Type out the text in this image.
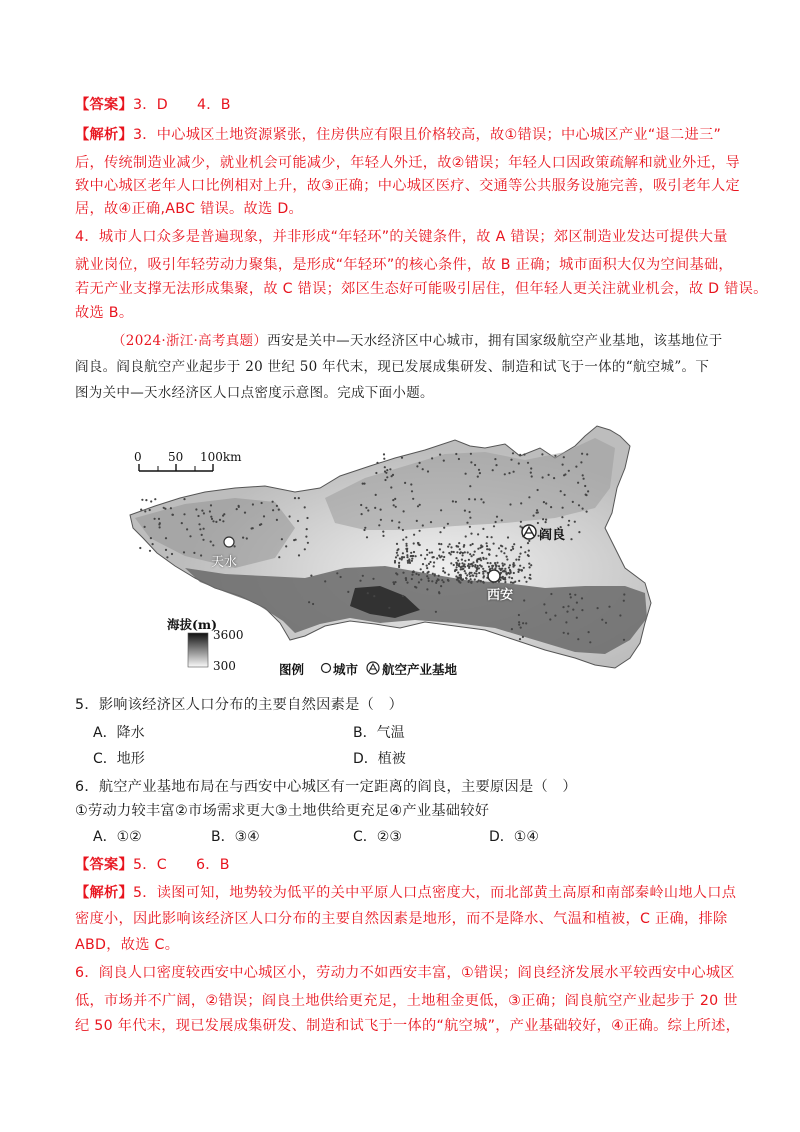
【答案】3．D　　4．B
【解析】3．中心城区土地资源紧张，住房供应有限且价格较高，故①错误；中心城区产业“退二进三”
后，传统制造业减少，就业机会可能减少，年轻人外迁，故②错误；年轻人口因政策疏解和就业外迁，导
致中心城区老年人口比例相对上升，故③正确；中心城区医疗、交通等公共服务设施完善，吸引老年人定
居，故④正确,ABC 错误。故选 D。
4．城市人口众多是普遍现象，并非形成“年轻环”的关键条件，故 A 错误；郊区制造业发达可提供大量
就业岗位，吸引年轻劳动力聚集，是形成“年轻环”的核心条件，故 B 正确；城市面积大仅为空间基础，
若无产业支撑无法形成集聚，故 C 错误；郊区生态好可能吸引居住，但年轻人更关注就业机会，故 D 错误。
故选 B。
（2024·浙江·高考真题）西安是关中—天水经济区中心城市，拥有国家级航空产业基地，该基地位于
阎良。阎良航空产业起步于 20 世纪 50 年代末，现已发展成集研发、制造和试飞于一体的“航空城”。下
图为关中—天水经济区人口点密度示意图。完成下面小题。
0 50 100km
天水
西安
阎良
海拔(m)
3600
300	图例 城市 航空产业基地
5．影响该经济区人口分布的主要自然因素是（　）
A．降水	B．气温
C．地形	D．植被
6．航空产业基地布局在与西安中心城区有一定距离的阎良，主要原因是（　）
①劳动力较丰富②市场需求更大③土地供给更充足④产业基础较好
A．①②	B．③④	C．②③	D．①④
【答案】5．C　　6．B
【解析】5．读图可知，地势较为低平的关中平原人口点密度大，而北部黄土高原和南部秦岭山地人口点
密度小，因此影响该经济区人口分布的主要自然因素是地形，而不是降水、气温和植被，C 正确，排除
ABD，故选 C。
6．阎良人口密度较西安中心城区小，劳动力不如西安丰富，①错误；阎良经济发展水平较西安中心城区
低，市场并不广阔，②错误；阎良土地供给更充足，土地租金更低，③正确；阎良航空产业起步于 20 世
纪 50 年代末，现已发展成集研发、制造和试飞于一体的“航空城”，产业基础较好，④正确。综上所述，
